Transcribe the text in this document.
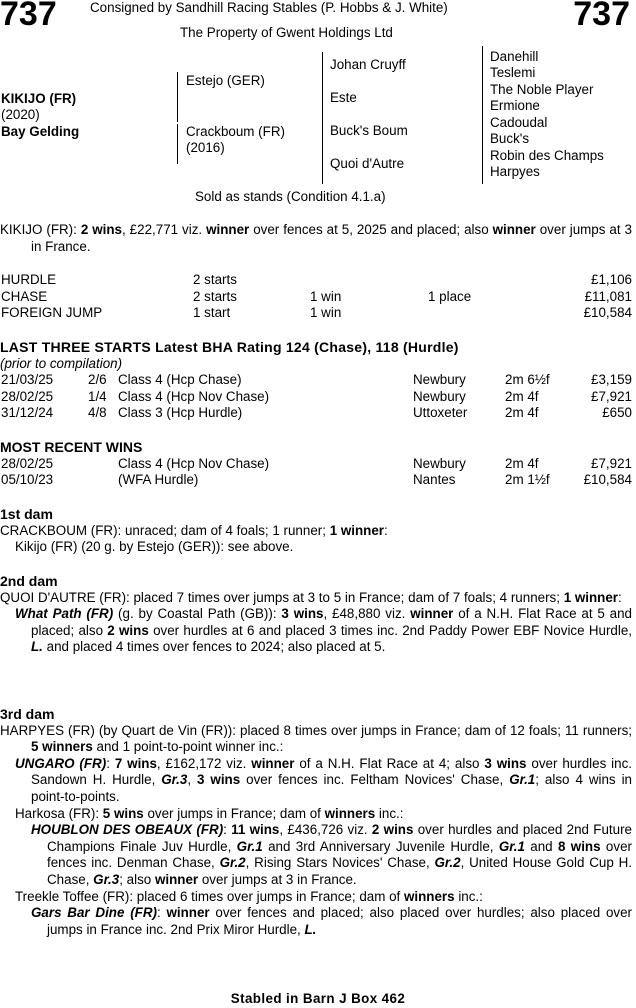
737	737
Consigned by Sandhill Racing Stables (P. Hobbs & J. White)
The Property of Gwent Holdings Ltd
KIKIJO (FR)
(2020)
Bay Gelding
Estejo (GER)
Crackboum (FR)
(2016)
Johan Cruyff
Este
Buck's Boum
Quoi d'Autre
Danehill
Teslemi
The Noble Player
Ermione
Cadoudal
Buck's
Robin des Champs
Harpyes
Sold as stands (Condition 4.1.a)
KIKIJO (FR): 2 wins, £22,771 viz. winner over fences at 5, 2025 and placed; also winner over jumps at 3 in France.
HURDLE	2 starts	£1,106
CHASE	2 starts	1 win	1 place	£11,081
FOREIGN JUMP	1 start	1 win	£10,584
LAST THREE STARTS Latest BHA Rating 124 (Chase), 118 (Hurdle)
(prior to compilation)
21/03/25	2/6 Class 4 (Hcp Chase)	Newbury	2m 6½f	£3,159
28/02/25	1/4 Class 4 (Hcp Nov Chase)	Newbury	2m 4f	£7,921
31/12/24	4/8 Class 3 (Hcp Hurdle)	Uttoxeter	2m 4f	£650
MOST RECENT WINS
28/02/25	Class 4 (Hcp Nov Chase)	Newbury	2m 4f	£7,921
05/10/23	(WFA Hurdle)	Nantes	2m 1½f	£10,584
1st dam
CRACKBOUM (FR): unraced; dam of 4 foals; 1 runner; 1 winner:
Kikijo (FR) (20 g. by Estejo (GER)): see above.
2nd dam

QUOI D'AUTRE (FR): placed 7 times over jumps at 3 to 5 in France; dam of 7 foals; 4 runners; 1 winner:

What Path (FR) (g. by Coastal Path (GB)): 3 wins, £48,880 viz. winner of a N.H. Flat Race at 5 and placed; also 2 wins over hurdles at 6 and placed 3 times inc. 2nd Paddy Power EBF Novice Hurdle, L. and placed 4 times over fences to 2024; also placed at 5.

3rd dam

HARPYES (FR) (by Quart de Vin (FR)): placed 8 times over jumps in France; dam of 12 foals; 11 runners; 5 winners and 1 point-to-point winner inc.:

UNGARO (FR): 7 wins, £162,172 viz. winner of a N.H. Flat Race at 4; also 3 wins over hurdles inc. Sandown H. Hurdle, Gr.3, 3 wins over fences inc. Feltham Novices' Chase, Gr.1; also 4 wins in point-to-points.

Harkosa (FR): 5 wins over jumps in France; dam of winners inc.:

HOUBLON DES OBEAUX (FR): 11 wins, £436,726 viz. 2 wins over hurdles and placed 2nd Future Champions Finale Juv Hurdle, Gr.1 and 3rd Anniversary Juvenile Hurdle, Gr.1 and 8 wins over fences inc. Denman Chase, Gr.2, Rising Stars Novices' Chase, Gr.2, United House Gold Cup H. Chase, Gr.3; also winner over jumps at 3 in France.

Treekle Toffee (FR): placed 6 times over jumps in France; dam of winners inc.:

Gars Bar Dine (FR): winner over fences and placed; also placed over hurdles; also placed over jumps in France inc. 2nd Prix Miror Hurdle, L.

Stabled in Barn J Box 462
